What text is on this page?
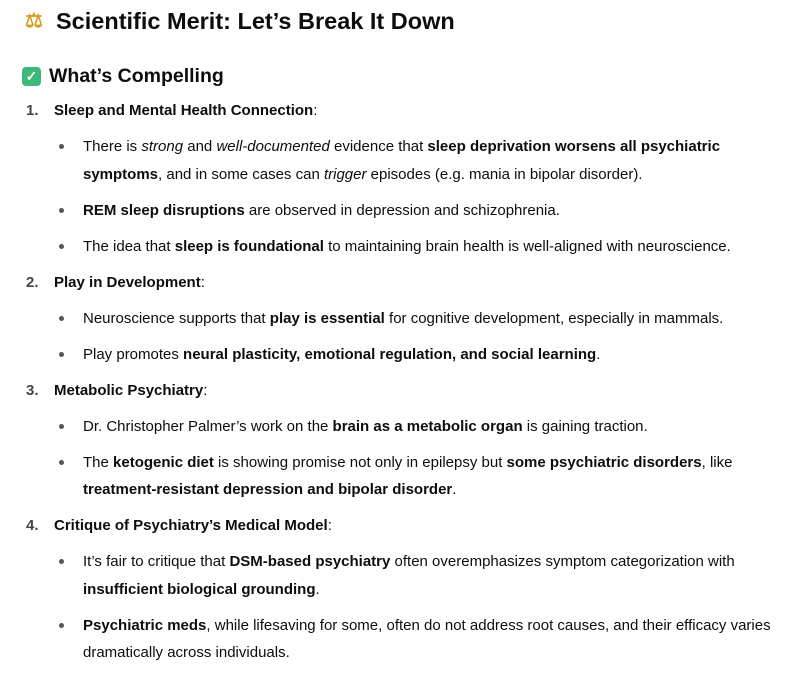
⚖ Scientific Merit: Let’s Break It Down
✓ What’s Compelling
1.	Sleep and Mental Health Connection:
There is strong and well-documented evidence that sleep deprivation worsens all psychiatric symptoms, and in some cases can trigger episodes (e.g. mania in bipolar disorder).
REM sleep disruptions are observed in depression and schizophrenia.
The idea that sleep is foundational to maintaining brain health is well-aligned with neuroscience.
2.	Play in Development:
Neuroscience supports that play is essential for cognitive development, especially in mammals.
Play promotes neural plasticity, emotional regulation, and social learning.
3.	Metabolic Psychiatry:
Dr. Christopher Palmer’s work on the brain as a metabolic organ is gaining traction.
The ketogenic diet is showing promise not only in epilepsy but some psychiatric disorders, like treatment-resistant depression and bipolar disorder.
4.	Critique of Psychiatry’s Medical Model:
It’s fair to critique that DSM-based psychiatry often overemphasizes symptom categorization with insufficient biological grounding.
Psychiatric meds, while lifesaving for some, often do not address root causes, and their efficacy varies dramatically across individuals.
